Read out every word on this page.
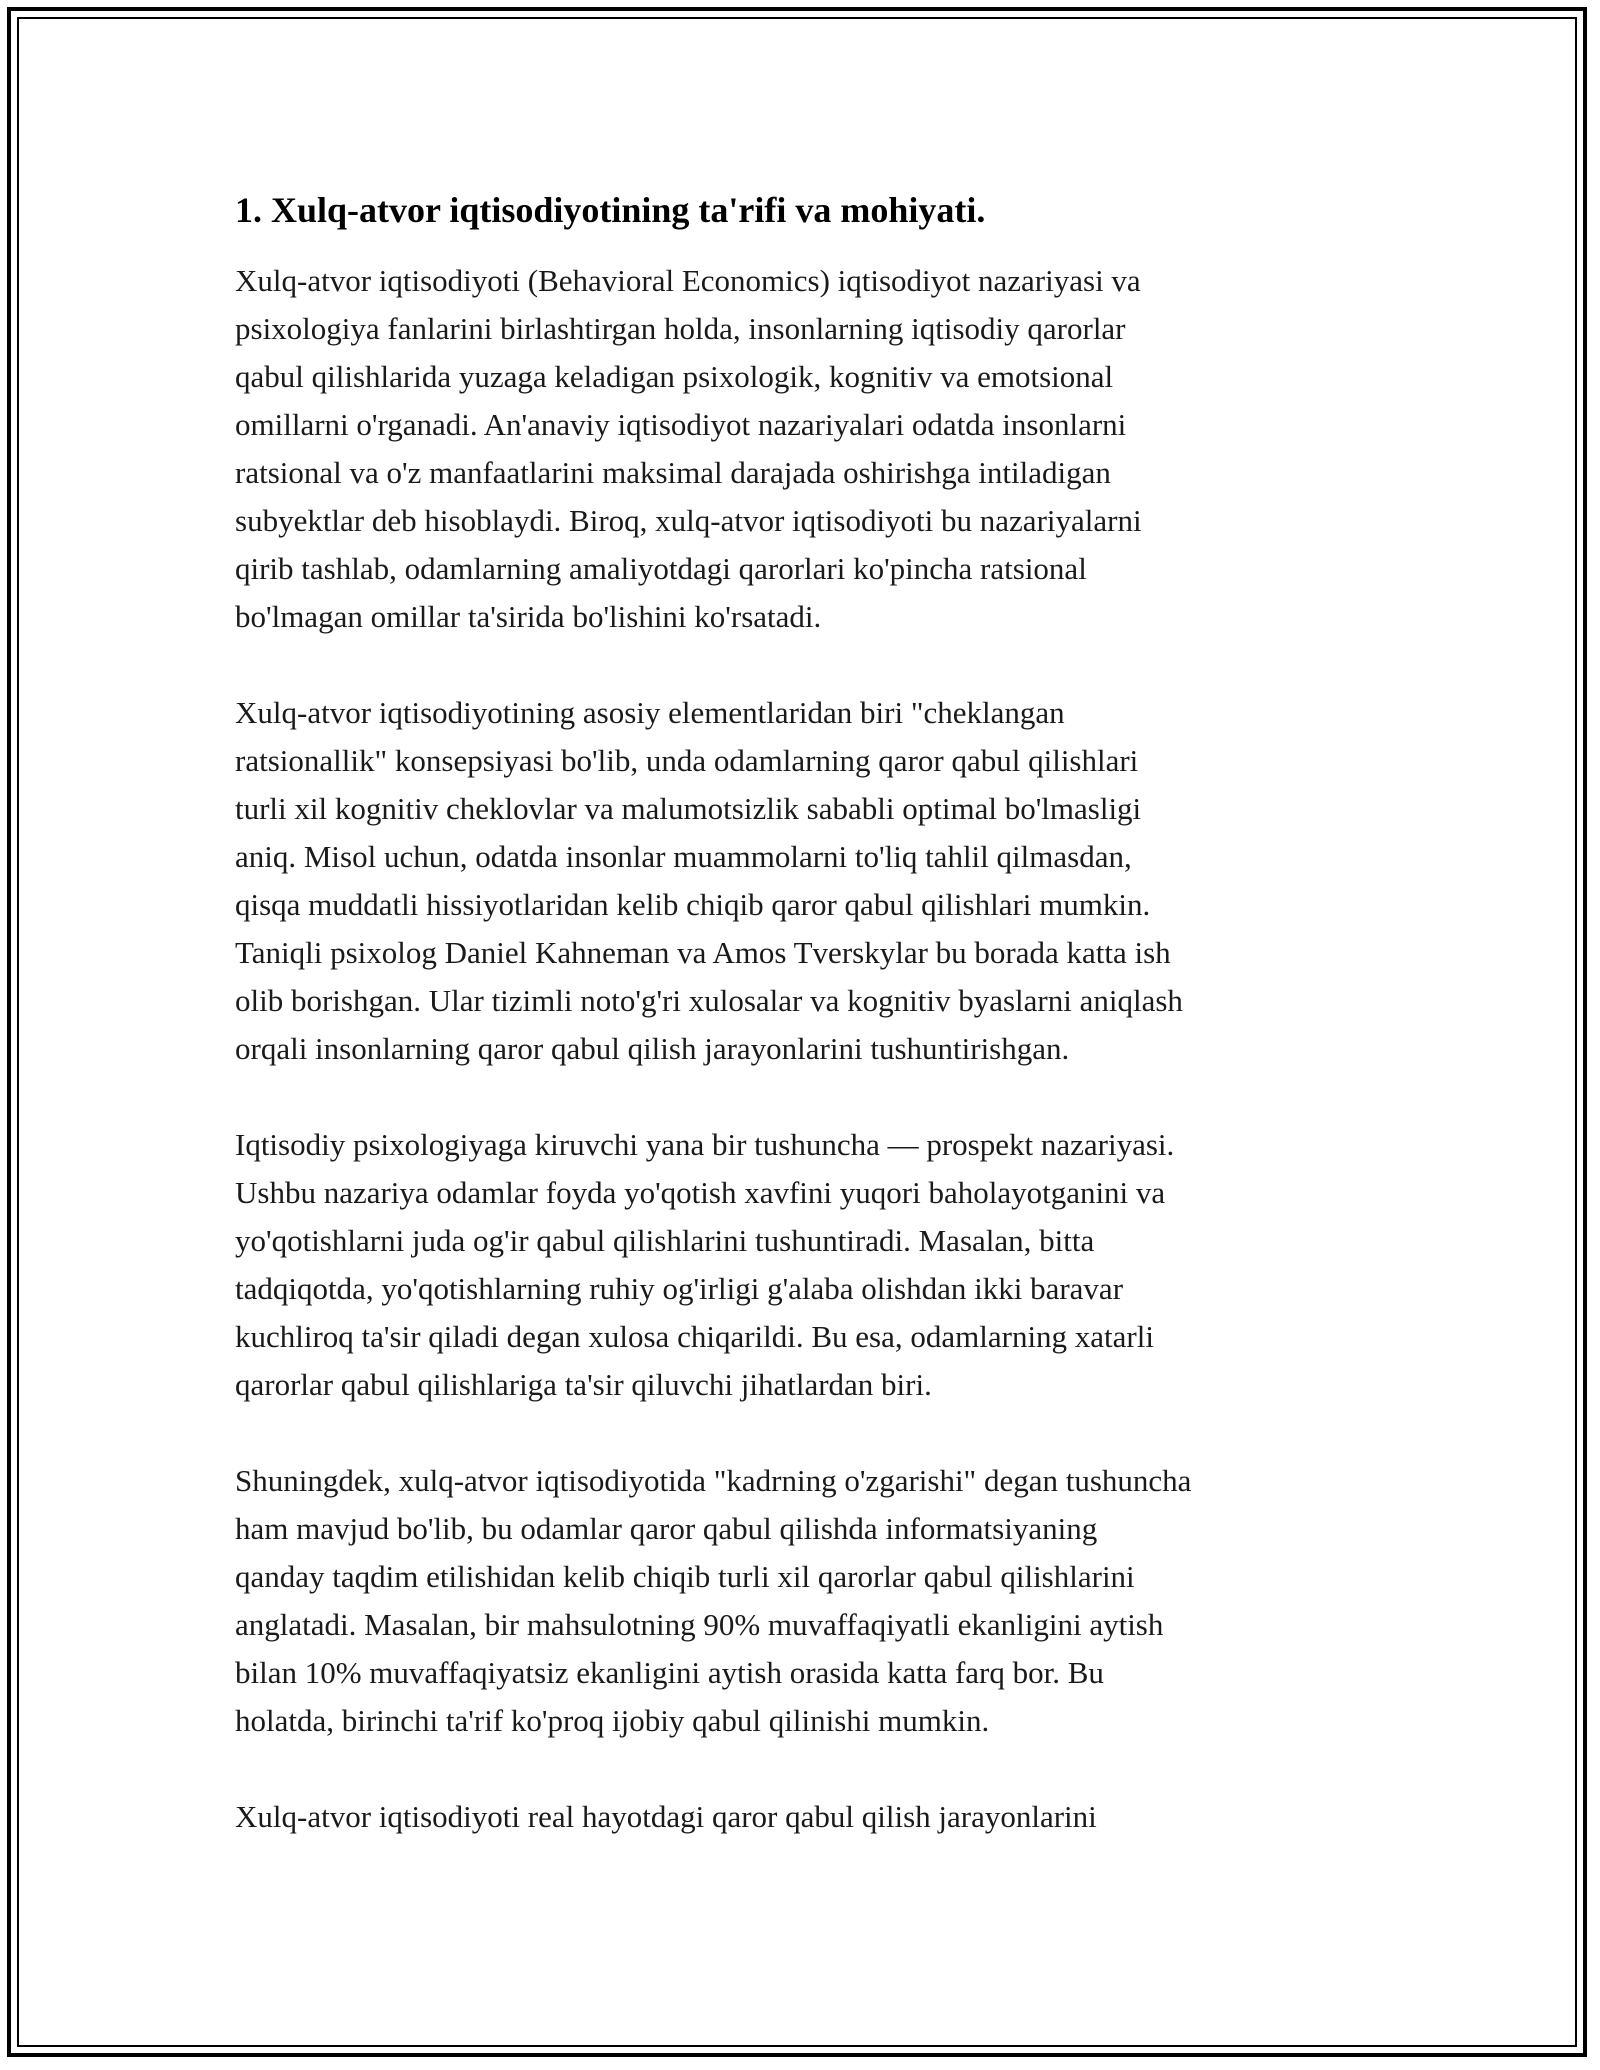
1. Xulq-atvor iqtisodiyotining ta'rifi va mohiyati.
Xulq-atvor iqtisodiyoti (Behavioral Economics) iqtisodiyot nazariyasi va
psixologiya fanlarini birlashtirgan holda, insonlarning iqtisodiy qarorlar
qabul qilishlarida yuzaga keladigan psixologik, kognitiv va emotsional
omillarni o'rganadi. An'anaviy iqtisodiyot nazariyalari odatda insonlarni
ratsional va o'z manfaatlarini maksimal darajada oshirishga intiladigan
subyektlar deb hisoblaydi. Biroq, xulq-atvor iqtisodiyoti bu nazariyalarni
qirib tashlab, odamlarning amaliyotdagi qarorlari ko'pincha ratsional
bo'lmagan omillar ta'sirida bo'lishini ko'rsatadi.
Xulq-atvor iqtisodiyotining asosiy elementlaridan biri "cheklangan
ratsionallik" konsepsiyasi bo'lib, unda odamlarning qaror qabul qilishlari
turli xil kognitiv cheklovlar va malumotsizlik sababli optimal bo'lmasligi
aniq. Misol uchun, odatda insonlar muammolarni to'liq tahlil qilmasdan,
qisqa muddatli hissiyotlaridan kelib chiqib qaror qabul qilishlari mumkin.
Taniqli psixolog Daniel Kahneman va Amos Tverskylar bu borada katta ish
olib borishgan. Ular tizimli noto'g'ri xulosalar va kognitiv byaslarni aniqlash
orqali insonlarning qaror qabul qilish jarayonlarini tushuntirishgan.
Iqtisodiy psixologiyaga kiruvchi yana bir tushuncha — prospekt nazariyasi.
Ushbu nazariya odamlar foyda yo'qotish xavfini yuqori baholayotganini va
yo'qotishlarni juda og'ir qabul qilishlarini tushuntiradi. Masalan, bitta
tadqiqotda, yo'qotishlarning ruhiy og'irligi g'alaba olishdan ikki baravar
kuchliroq ta'sir qiladi degan xulosa chiqarildi. Bu esa, odamlarning xatarli
qarorlar qabul qilishlariga ta'sir qiluvchi jihatlardan biri.
Shuningdek, xulq-atvor iqtisodiyotida "kadrning o'zgarishi" degan tushuncha
ham mavjud bo'lib, bu odamlar qaror qabul qilishda informatsiyaning
qanday taqdim etilishidan kelib chiqib turli xil qarorlar qabul qilishlarini
anglatadi. Masalan, bir mahsulotning 90% muvaffaqiyatli ekanligini aytish
bilan 10% muvaffaqiyatsiz ekanligini aytish orasida katta farq bor. Bu
holatda, birinchi ta'rif ko'proq ijobiy qabul qilinishi mumkin.
Xulq-atvor iqtisodiyoti real hayotdagi qaror qabul qilish jarayonlarini
